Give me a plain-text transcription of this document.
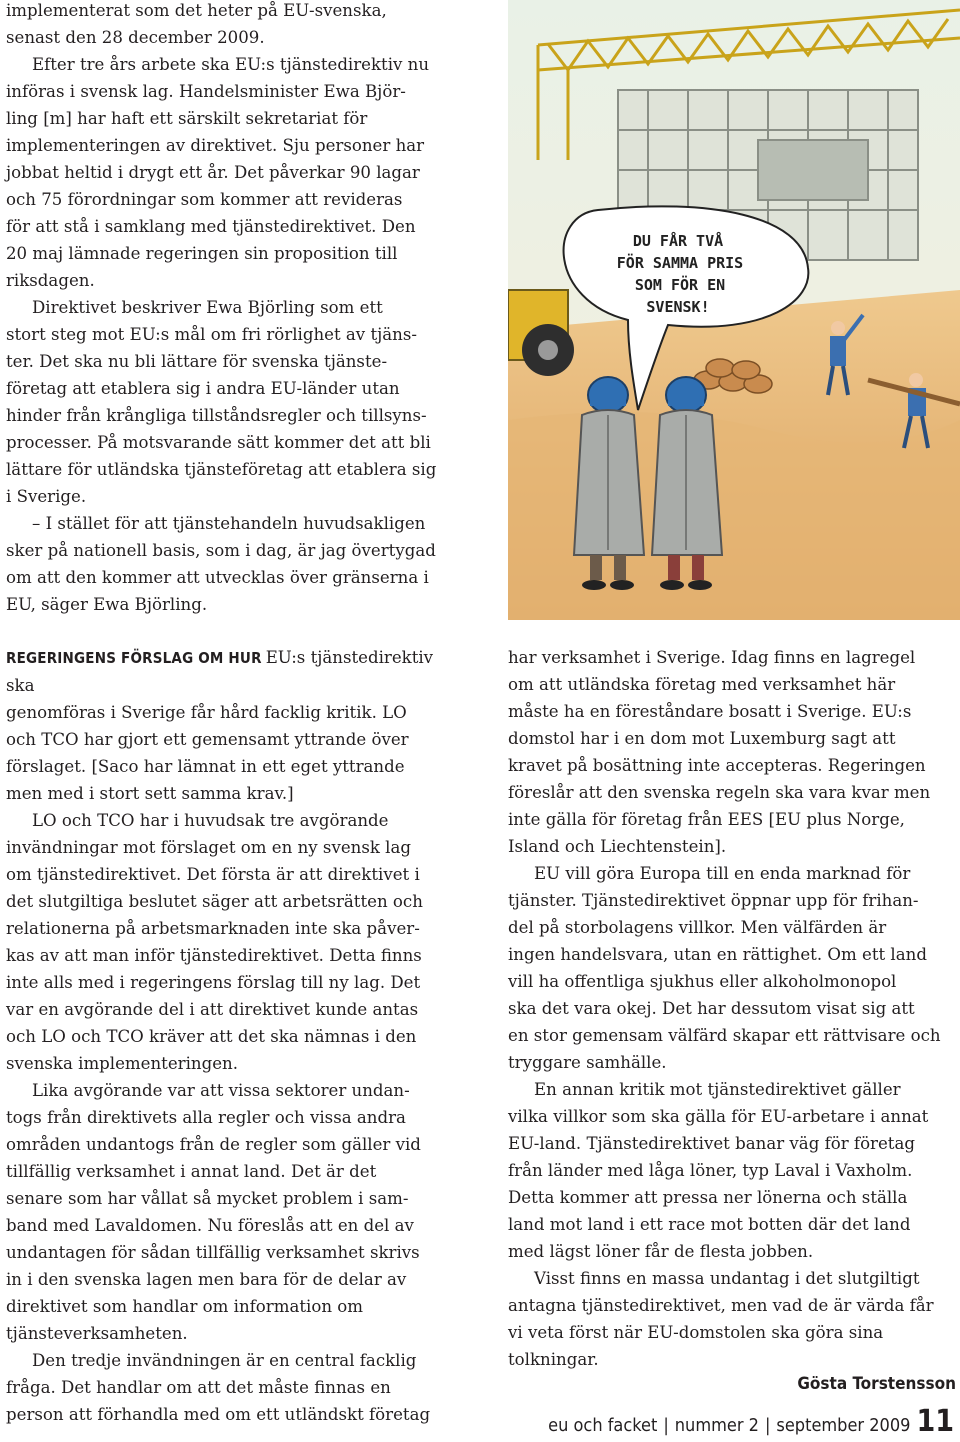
implementerat som det heter på EU-svenska,
senast den 28 december 2009.

Efter tre års arbete ska EU:s tjänstedirektiv nu
införas i svensk lag. Handelsminister Ewa Björ-
ling [m] har haft ett särskilt sekretariat för
implementeringen av direktivet. Sju personer har
jobbat heltid i drygt ett år. Det påverkar 90 lagar
och 75 förordningar som kommer att revideras
för att stå i samklang med tjänstedirektivet. Den
20 maj lämnade regeringen sin proposition till
riksdagen.

Direktivet beskriver Ewa Björling som ett
stort steg mot EU:s mål om fri rörlighet av tjäns-
ter. Det ska nu bli lättare för svenska tjänste-
företag att etablera sig i andra EU-länder utan
hinder från krångliga tillståndsregler och tillsyns-
processer. På motsvarande sätt kommer det att bli
lättare för utländska tjänsteföretag att etablera sig
i Sverige.

– I stället för att tjänstehandeln huvudsakligen
sker på nationell basis, som i dag, är jag övertygad
om att den kommer att utvecklas över gränserna i
EU, säger Ewa Björling.

DU FÅR TVÅ
FÖR SAMMA PRIS
SOM FÖR EN
SVENSK!

REGERINGENS FÖRSLAG OM HUR EU:s tjänstedirektiv ska
genomföras i Sverige får hård facklig kritik. LO
och TCO har gjort ett gemensamt yttrande över
förslaget. [Saco har lämnat in ett eget yttrande
men med i stort sett samma krav.]

LO och TCO har i huvudsak tre avgörande
invändningar mot förslaget om en ny svensk lag
om tjänstedirektivet. Det första är att direktivet i
det slutgiltiga beslutet säger att arbetsrätten och
relationerna på arbetsmarknaden inte ska påver-
kas av att man inför tjänstedirektivet. Detta finns
inte alls med i regeringens förslag till ny lag. Det
var en avgörande del i att direktivet kunde antas
och LO och TCO kräver att det ska nämnas i den
svenska implementeringen.

Lika avgörande var att vissa sektorer undan-
togs från direktivets alla regler och vissa andra
områden undantogs från de regler som gäller vid
tillfällig verksamhet i annat land. Det är det
senare som har vållat så mycket problem i sam-
band med Lavaldomen. Nu föreslås att en del av
undantagen för sådan tillfällig verksamhet skrivs
in i den svenska lagen men bara för de delar av
direktivet som handlar om information om
tjänsteverksamheten.

Den tredje invändningen är en central facklig
fråga. Det handlar om att det måste finnas en
person att förhandla med om ett utländskt företag

har verksamhet i Sverige. Idag finns en lagregel
om att utländska företag med verksamhet här
måste ha en föreståndare bosatt i Sverige. EU:s
domstol har i en dom mot Luxemburg sagt att
kravet på bosättning inte accepteras. Regeringen
föreslår att den svenska regeln ska vara kvar men
inte gälla för företag från EES [EU plus Norge,
Island och Liechtenstein].

EU vill göra Europa till en enda marknad för
tjänster. Tjänstedirektivet öppnar upp för frihan-
del på storbolagens villkor. Men välfärden är
ingen handelsvara, utan en rättighet. Om ett land
vill ha offentliga sjukhus eller alkoholmonopol
ska det vara okej. Det har dessutom visat sig att
en stor gemensam välfärd skapar ett rättvisare och
tryggare samhälle.

En annan kritik mot tjänstedirektivet gäller
vilka villkor som ska gälla för EU-arbetare i annat
EU-land. Tjänstedirektivet banar väg för företag
från länder med låga löner, typ Laval i Vaxholm.
Detta kommer att pressa ner lönerna och ställa
land mot land i ett race mot botten där det land
med lägst löner får de flesta jobben.

Visst finns en massa undantag i det slutgiltigt
antagna tjänstedirektivet, men vad de är värda får
vi veta först när EU-domstolen ska göra sina
tolkningar.

Gösta Torstensson
eu och facket | nummer 2 | september 2009 11
